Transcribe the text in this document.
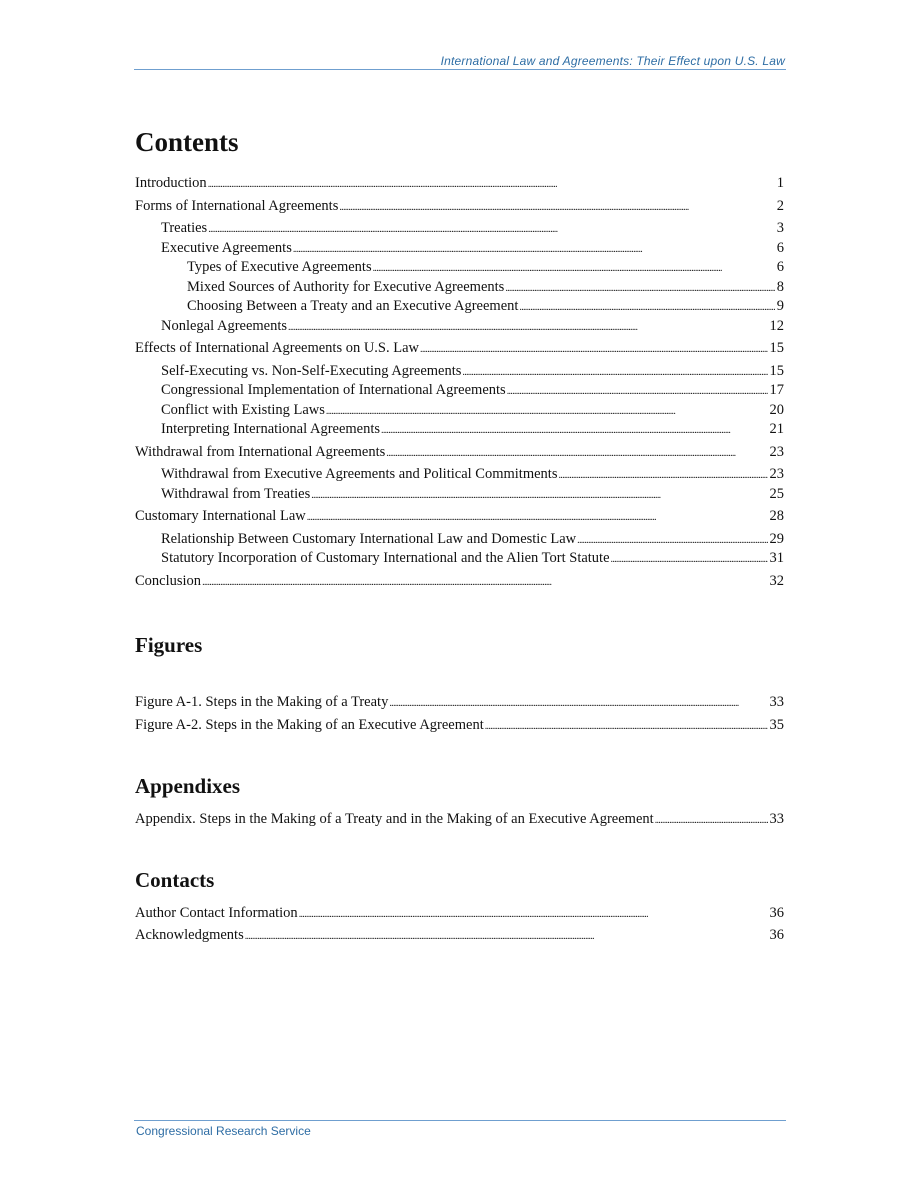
International Law and Agreements: Their Effect upon U.S. Law
Contents
Introduction . . .	1
Forms of International Agreements . . .	2
Treaties . . .	3
Executive Agreements . . .	6
Types of Executive Agreements . . .	6
Mixed Sources of Authority for Executive Agreements . . .	8
Choosing Between a Treaty and an Executive Agreement . . .	9
Nonlegal Agreements . . .	12
Effects of International Agreements on U.S. Law . . .	15
Self-Executing vs. Non-Self-Executing Agreements . . .	15
Congressional Implementation of International Agreements . . .	17
Conflict with Existing Laws . . .	20
Interpreting International Agreements . . .	21
Withdrawal from International Agreements . . .	23
Withdrawal from Executive Agreements and Political Commitments . . .	23
Withdrawal from Treaties . . .	25
Customary International Law . . .	28
Relationship Between Customary International Law and Domestic Law . . .	29
Statutory Incorporation of Customary International and the Alien Tort Statute . . .	31
Conclusion . . .	32
Figures
Figure A-1. Steps in the Making of a Treaty . . .	33
Figure A-2. Steps in the Making of an Executive Agreement . . .	35
Appendixes
Appendix. Steps in the Making of a Treaty and in the Making of an Executive Agreement . . .	33
Contacts
Author Contact Information . . .	36
Acknowledgments . . .	36
Congressional Research Service
